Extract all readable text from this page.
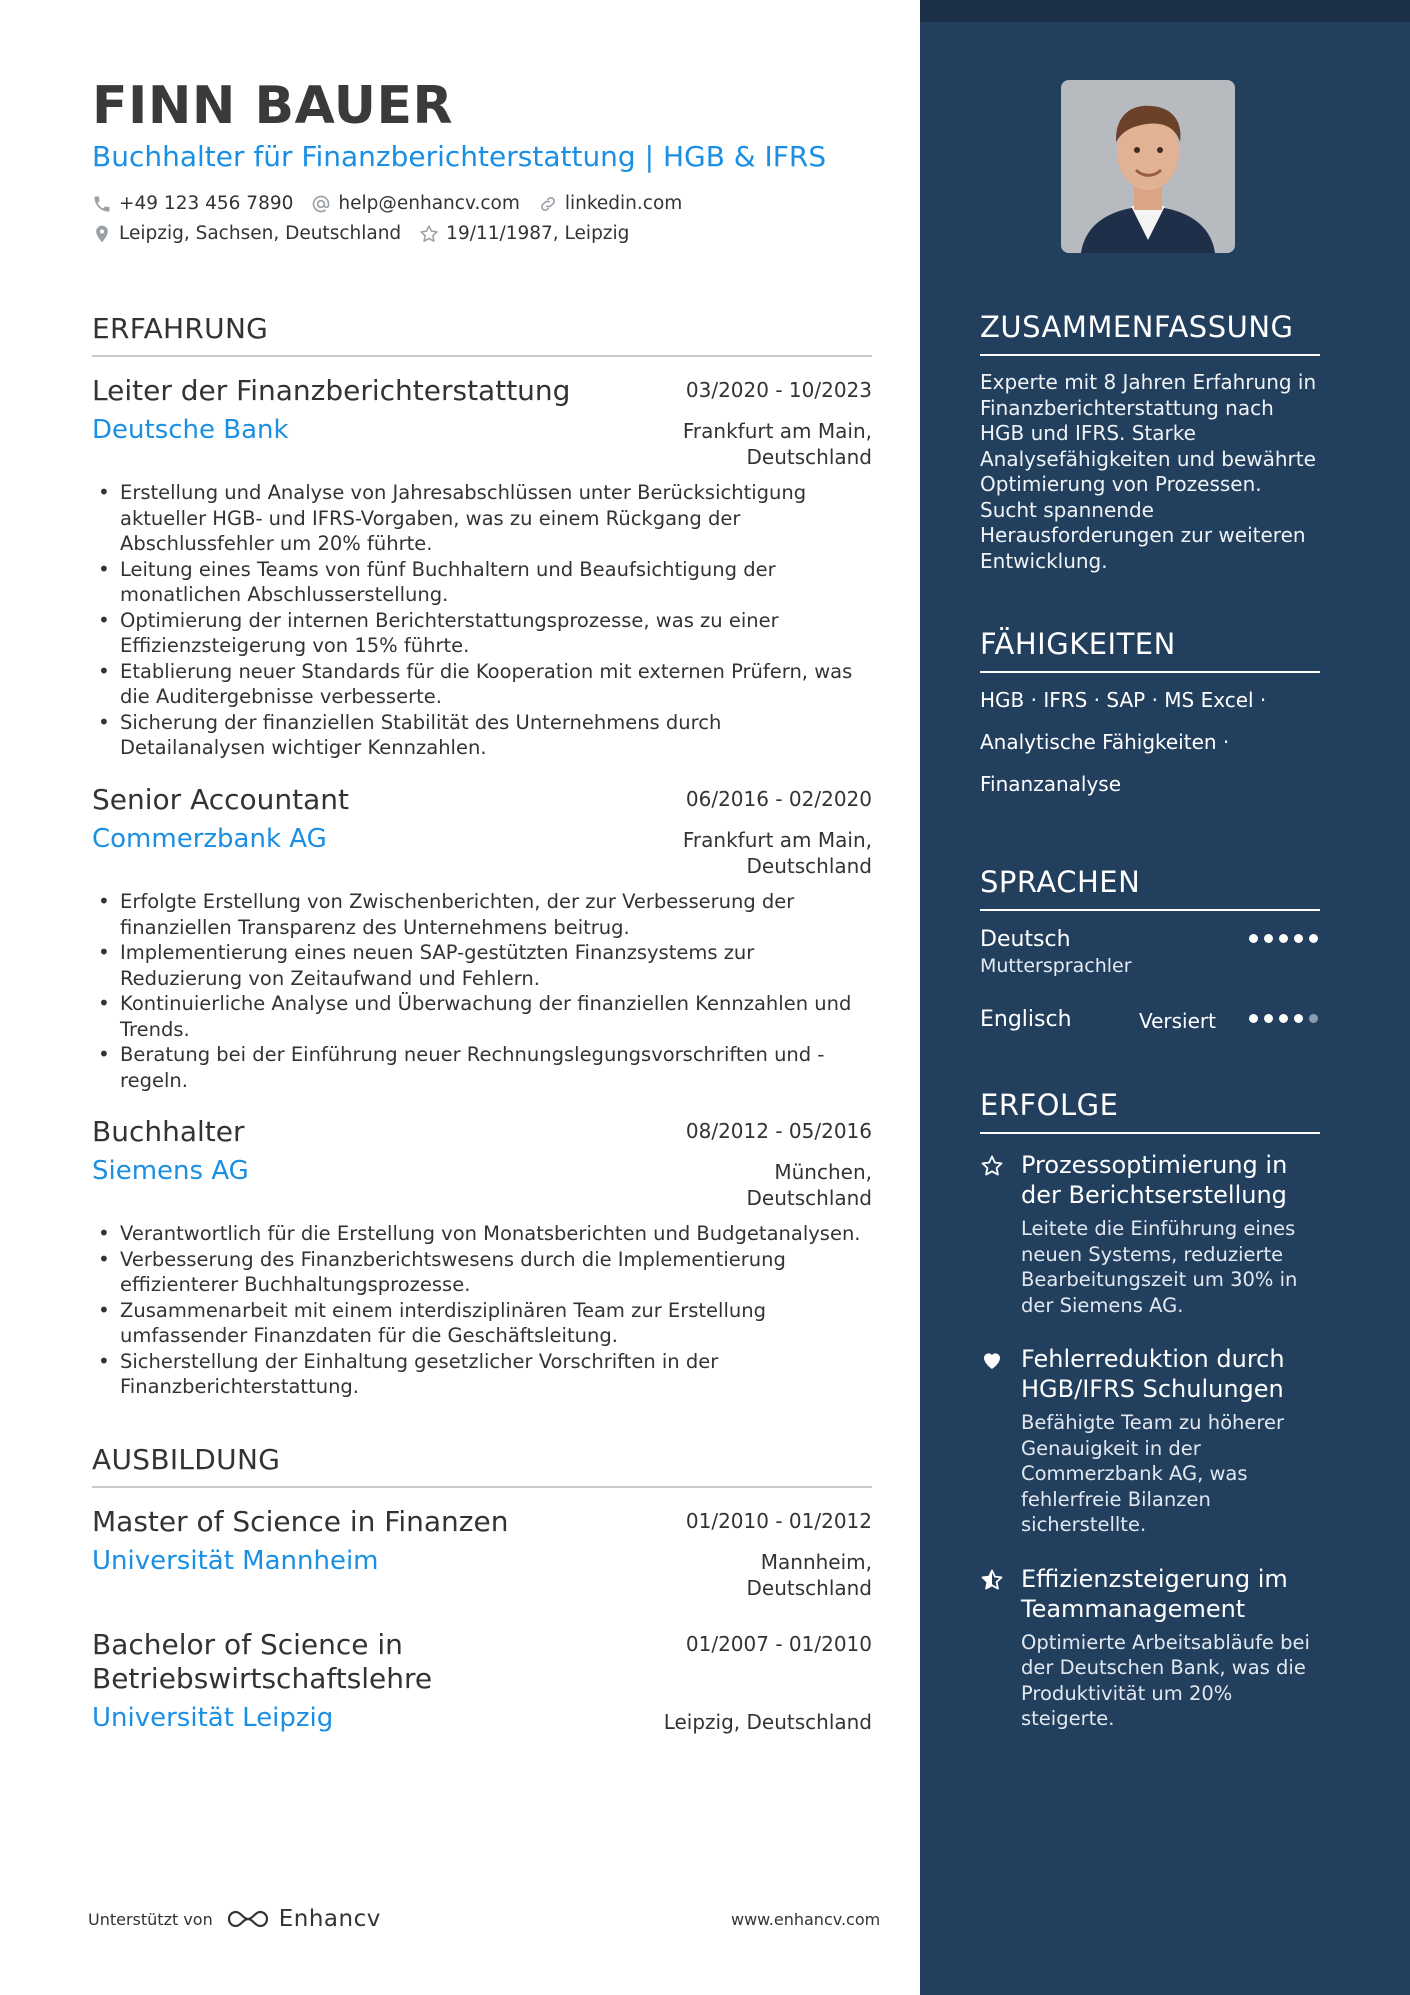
FINN BAUER
Buchhalter für Finanzberichterstattung | HGB & IFRS
+49 123 456 7890 help@enhancv.com linkedin.com
Leipzig, Sachsen, Deutschland 19/11/1987, Leipzig
ERFAHRUNG
Leiter der Finanzberichterstattung	03/2020 - 10/2023
Deutsche Bank	Frankfurt am Main,
Deutschland
• Erstellung und Analyse von Jahresabschlüssen unter Berücksichtigung aktueller HGB- und IFRS-Vorgaben, was zu einem Rückgang der Abschlussfehler um 20% führte.
• Leitung eines Teams von fünf Buchhaltern und Beaufsichtigung der monatlichen Abschlusserstellung.
• Optimierung der internen Berichterstattungsprozesse, was zu einer Effizienzsteigerung von 15% führte.
• Etablierung neuer Standards für die Kooperation mit externen Prüfern, was die Auditergebnisse verbesserte.
• Sicherung der finanziellen Stabilität des Unternehmens durch Detailanalysen wichtiger Kennzahlen.
Senior Accountant	06/2016 - 02/2020
Commerzbank AG	Frankfurt am Main,
Deutschland
• Erfolgte Erstellung von Zwischenberichten, der zur Verbesserung der finanziellen Transparenz des Unternehmens beitrug.
• Implementierung eines neuen SAP-gestützten Finanzsystems zur Reduzierung von Zeitaufwand und Fehlern.
• Kontinuierliche Analyse und Überwachung der finanziellen Kennzahlen und Trends.
• Beratung bei der Einführung neuer Rechnungslegungsvorschriften und -regeln.
Buchhalter	08/2012 - 05/2016
Siemens AG	München,
Deutschland
• Verantwortlich für die Erstellung von Monatsberichten und Budgetanalysen.
• Verbesserung des Finanzberichtswesens durch die Implementierung effizienterer Buchhaltungsprozesse.
• Zusammenarbeit mit einem interdisziplinären Team zur Erstellung umfassender Finanzdaten für die Geschäftsleitung.
• Sicherstellung der Einhaltung gesetzlicher Vorschriften in der Finanzberichterstattung.
AUSBILDUNG
Master of Science in Finanzen	01/2010 - 01/2012
Universität Mannheim	Mannheim,
Deutschland
Bachelor of Science in
Betriebswirtschaftslehre
01/2007 - 01/2010
Universität Leipzig	Leipzig, Deutschland
Unterstützt von	Enhancv	www.enhancv.com
ZUSAMMENFASSUNG
Experte mit 8 Jahren Erfahrung in Finanzberichterstattung nach HGB und IFRS. Starke Analysefähigkeiten und bewährte Optimierung von Prozessen. Sucht spannende Herausforderungen zur weiteren Entwicklung.
FÄHIGKEITEN
HGB · IFRS · SAP · MS Excel ·
Analytische Fähigkeiten ·
Finanzanalyse
SPRACHEN
Deutsch
Muttersprachler
Englisch	Versiert
ERFOLGE
Prozessoptimierung in der Berichtserstellung
Leitete die Einführung eines neuen Systems, reduzierte Bearbeitungszeit um 30% in der Siemens AG.
Fehlerreduktion durch HGB/IFRS Schulungen
Befähigte Team zu höherer Genauigkeit in der Commerzbank AG, was fehlerfreie Bilanzen sicherstellte.
Effizienzsteigerung im Teammanagement
Optimierte Arbeitsabläufe bei der Deutschen Bank, was die Produktivität um 20% steigerte.
